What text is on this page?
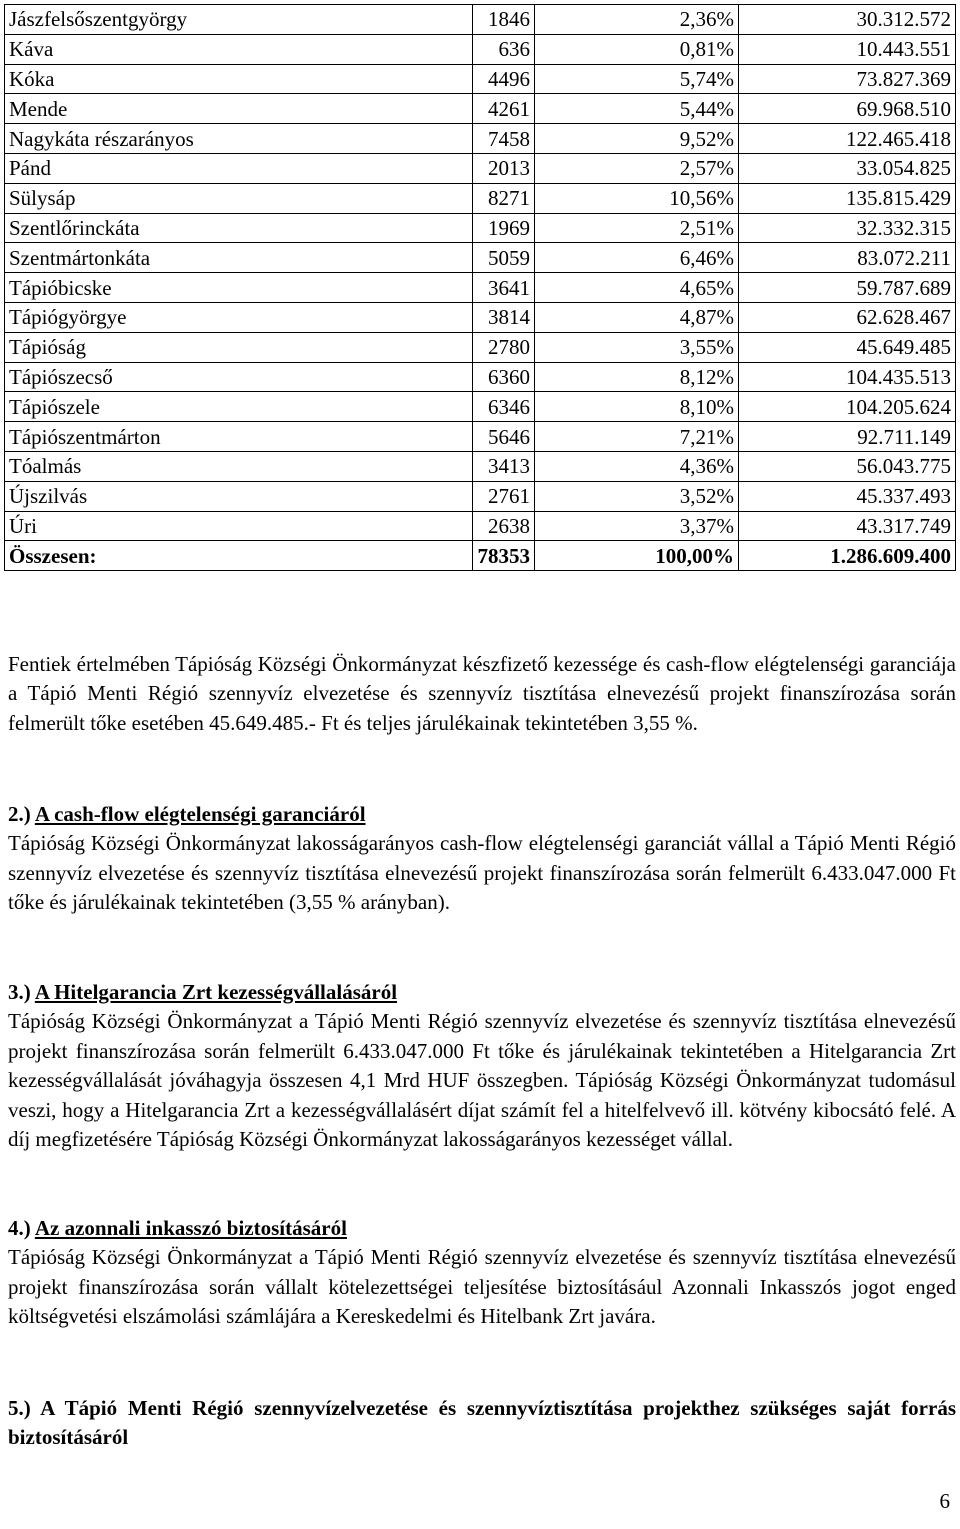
Jászfelsőszentgyörgy	1846	2,36%	30.312.572
Káva	636	0,81%	10.443.551
Kóka	4496	5,74%	73.827.369
Mende	4261	5,44%	69.968.510
Nagykáta részarányos	7458	9,52%	122.465.418
Pánd	2013	2,57%	33.054.825
Sülysáp	8271	10,56%	135.815.429
Szentlőrinckáta	1969	2,51%	32.332.315
Szentmártonkáta	5059	6,46%	83.072.211
Tápióbicske	3641	4,65%	59.787.689
Tápiógyörgye	3814	4,87%	62.628.467
Tápióság	2780	3,55%	45.649.485
Tápiószecső	6360	8,12%	104.435.513
Tápiószele	6346	8,10%	104.205.624
Tápiószentmárton	5646	7,21%	92.711.149
Tóalmás	3413	4,36%	56.043.775
Újszilvás	2761	3,52%	45.337.493
Úri	2638	3,37%	43.317.749
Összesen:	78353	100,00%	1.286.609.400

Fentiek értelmében Tápióság Községi Önkormányzat készfizető kezessége és cash-flow elégtelenségi garanciája a Tápió Menti Régió szennyvíz elvezetése és szennyvíz tisztítása elnevezésű projekt finanszírozása során felmerült tőke esetében 45.649.485.- Ft és teljes járulékainak tekintetében 3,55 %.

2.) A cash-flow elégtelenségi garanciáról
Tápióság Községi Önkormányzat lakosságarányos cash-flow elégtelenségi garanciát vállal a Tápió Menti Régió szennyvíz elvezetése és szennyvíz tisztítása elnevezésű projekt finanszírozása során felmerült 6.433.047.000 Ft tőke és járulékainak tekintetében (3,55 % arányban).
3.) A Hitelgarancia Zrt kezességvállalásáról
Tápióság Községi Önkormányzat a Tápió Menti Régió szennyvíz elvezetése és szennyvíz tisztítása elnevezésű projekt finanszírozása során felmerült 6.433.047.000 Ft tőke és járulékainak tekintetében a Hitelgarancia Zrt kezességvállalását jóváhagyja összesen 4,1 Mrd HUF összegben. Tápióság Községi Önkormányzat tudomásul veszi, hogy a Hitelgarancia Zrt a kezességvállalásért díjat számít fel a hitelfelvevő ill. kötvény kibocsátó felé. A díj megfizetésére Tápióság Községi Önkormányzat lakosságarányos kezességet vállal.
4.) Az azonnali inkasszó biztosításáról
Tápióság Községi Önkormányzat a Tápió Menti Régió szennyvíz elvezetése és szennyvíz tisztítása elnevezésű projekt finanszírozása során vállalt kötelezettségei teljesítése biztosításául Azonnali Inkasszós jogot enged költségvetési elszámolási számlájára a Kereskedelmi és Hitelbank Zrt javára.
5.) A Tápió Menti Régió szennyvízelvezetése és szennyvíztisztítása projekthez szükséges saját forrás biztosításáról
6
